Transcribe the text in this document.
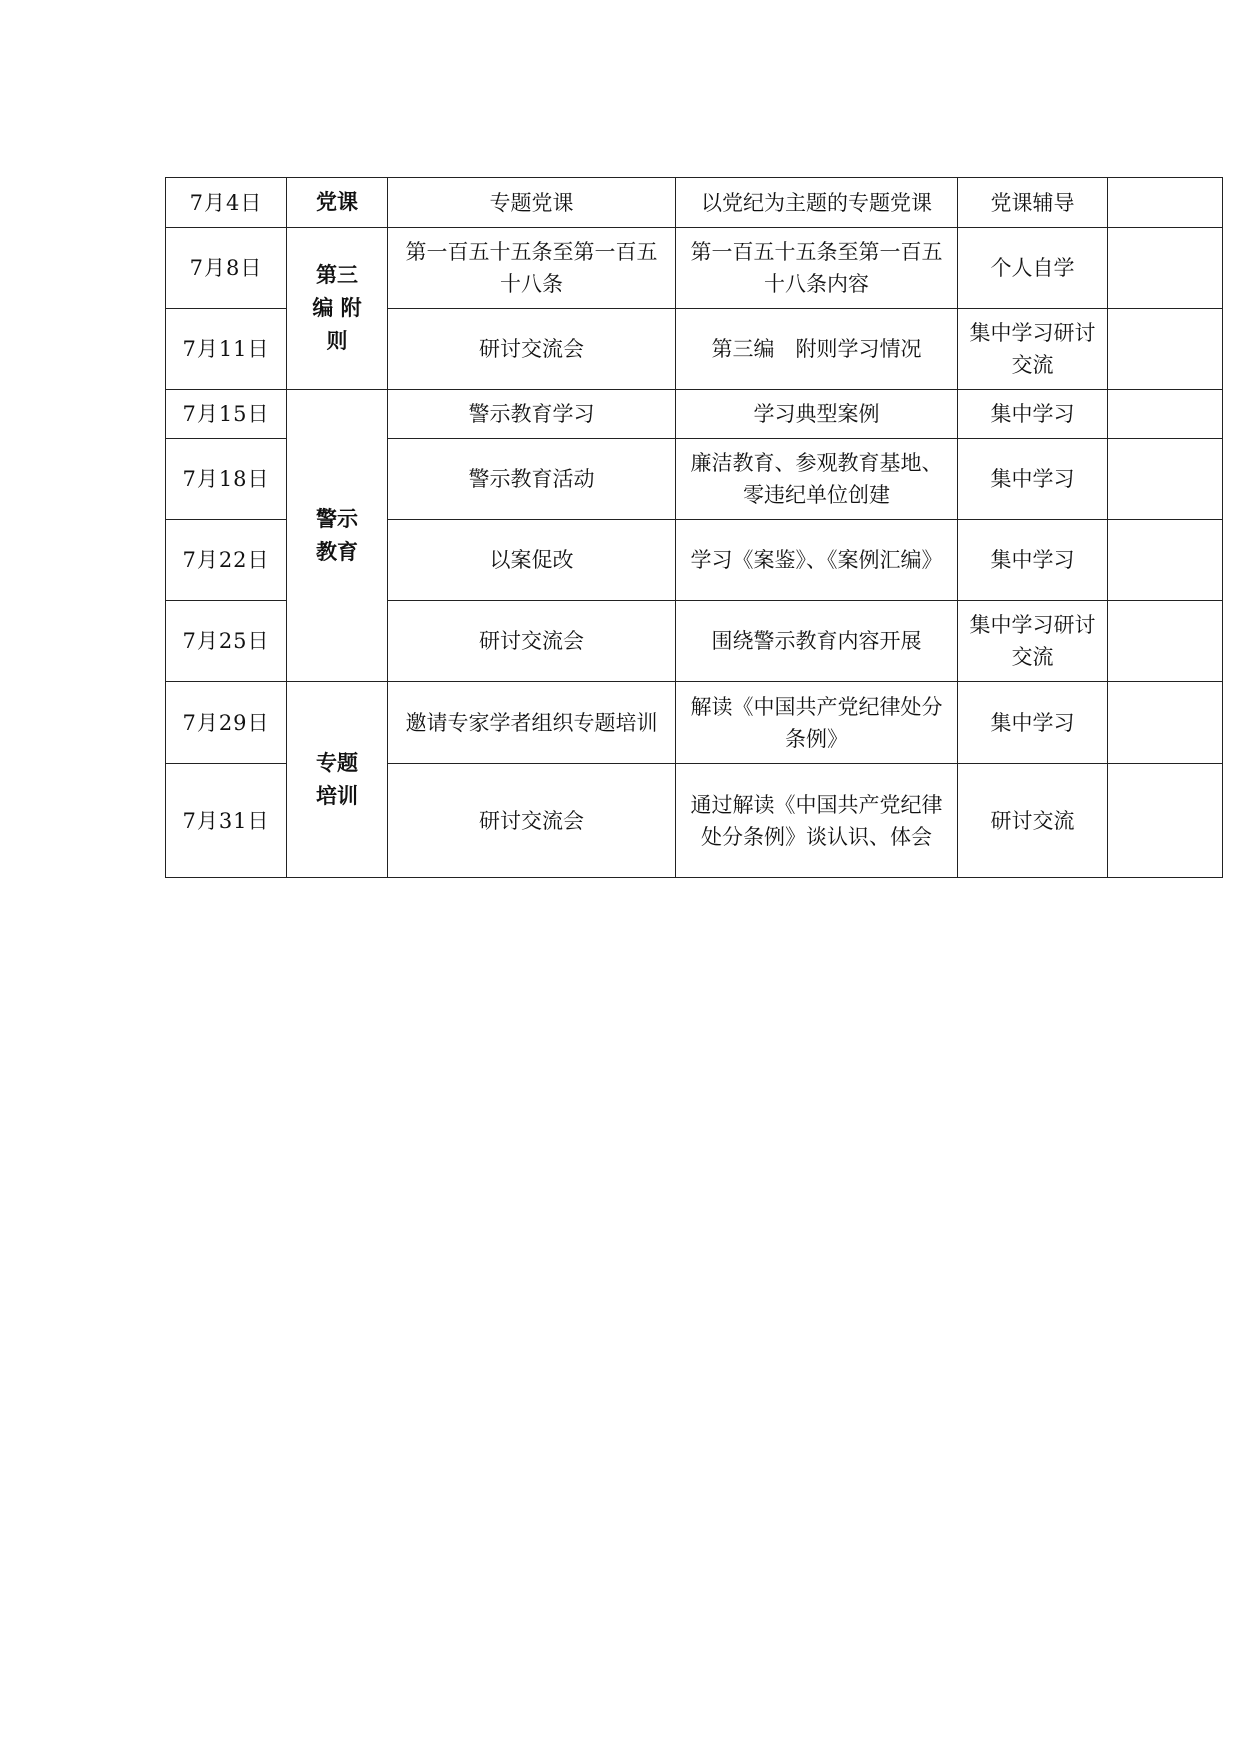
7月4日	党课	专题党课	以党纪为主题的专题党课	党课辅导	
7月8日	第三编 附则	第一百五十五条至第一百五十八条	第一百五十五条至第一百五十八条内容	个人自学	
7月11日		研讨交流会	第三编　附则学习情况	集中学习研讨交流	
7月15日	警示教育	警示教育学习	学习典型案例	集中学习	
7月18日		警示教育活动	廉洁教育、参观教育基地、零违纪单位创建	集中学习	
7月22日		以案促改	学习《案鉴》、《案例汇编》	集中学习	
7月25日		研讨交流会	围绕警示教育内容开展	集中学习研讨交流	
7月29日	专题培训	邀请专家学者组织专题培训	解读《中国共产党纪律处分条例》	集中学习	
7月31日		研讨交流会	通过解读《中国共产党纪律处分条例》谈认识、体会	研讨交流	
